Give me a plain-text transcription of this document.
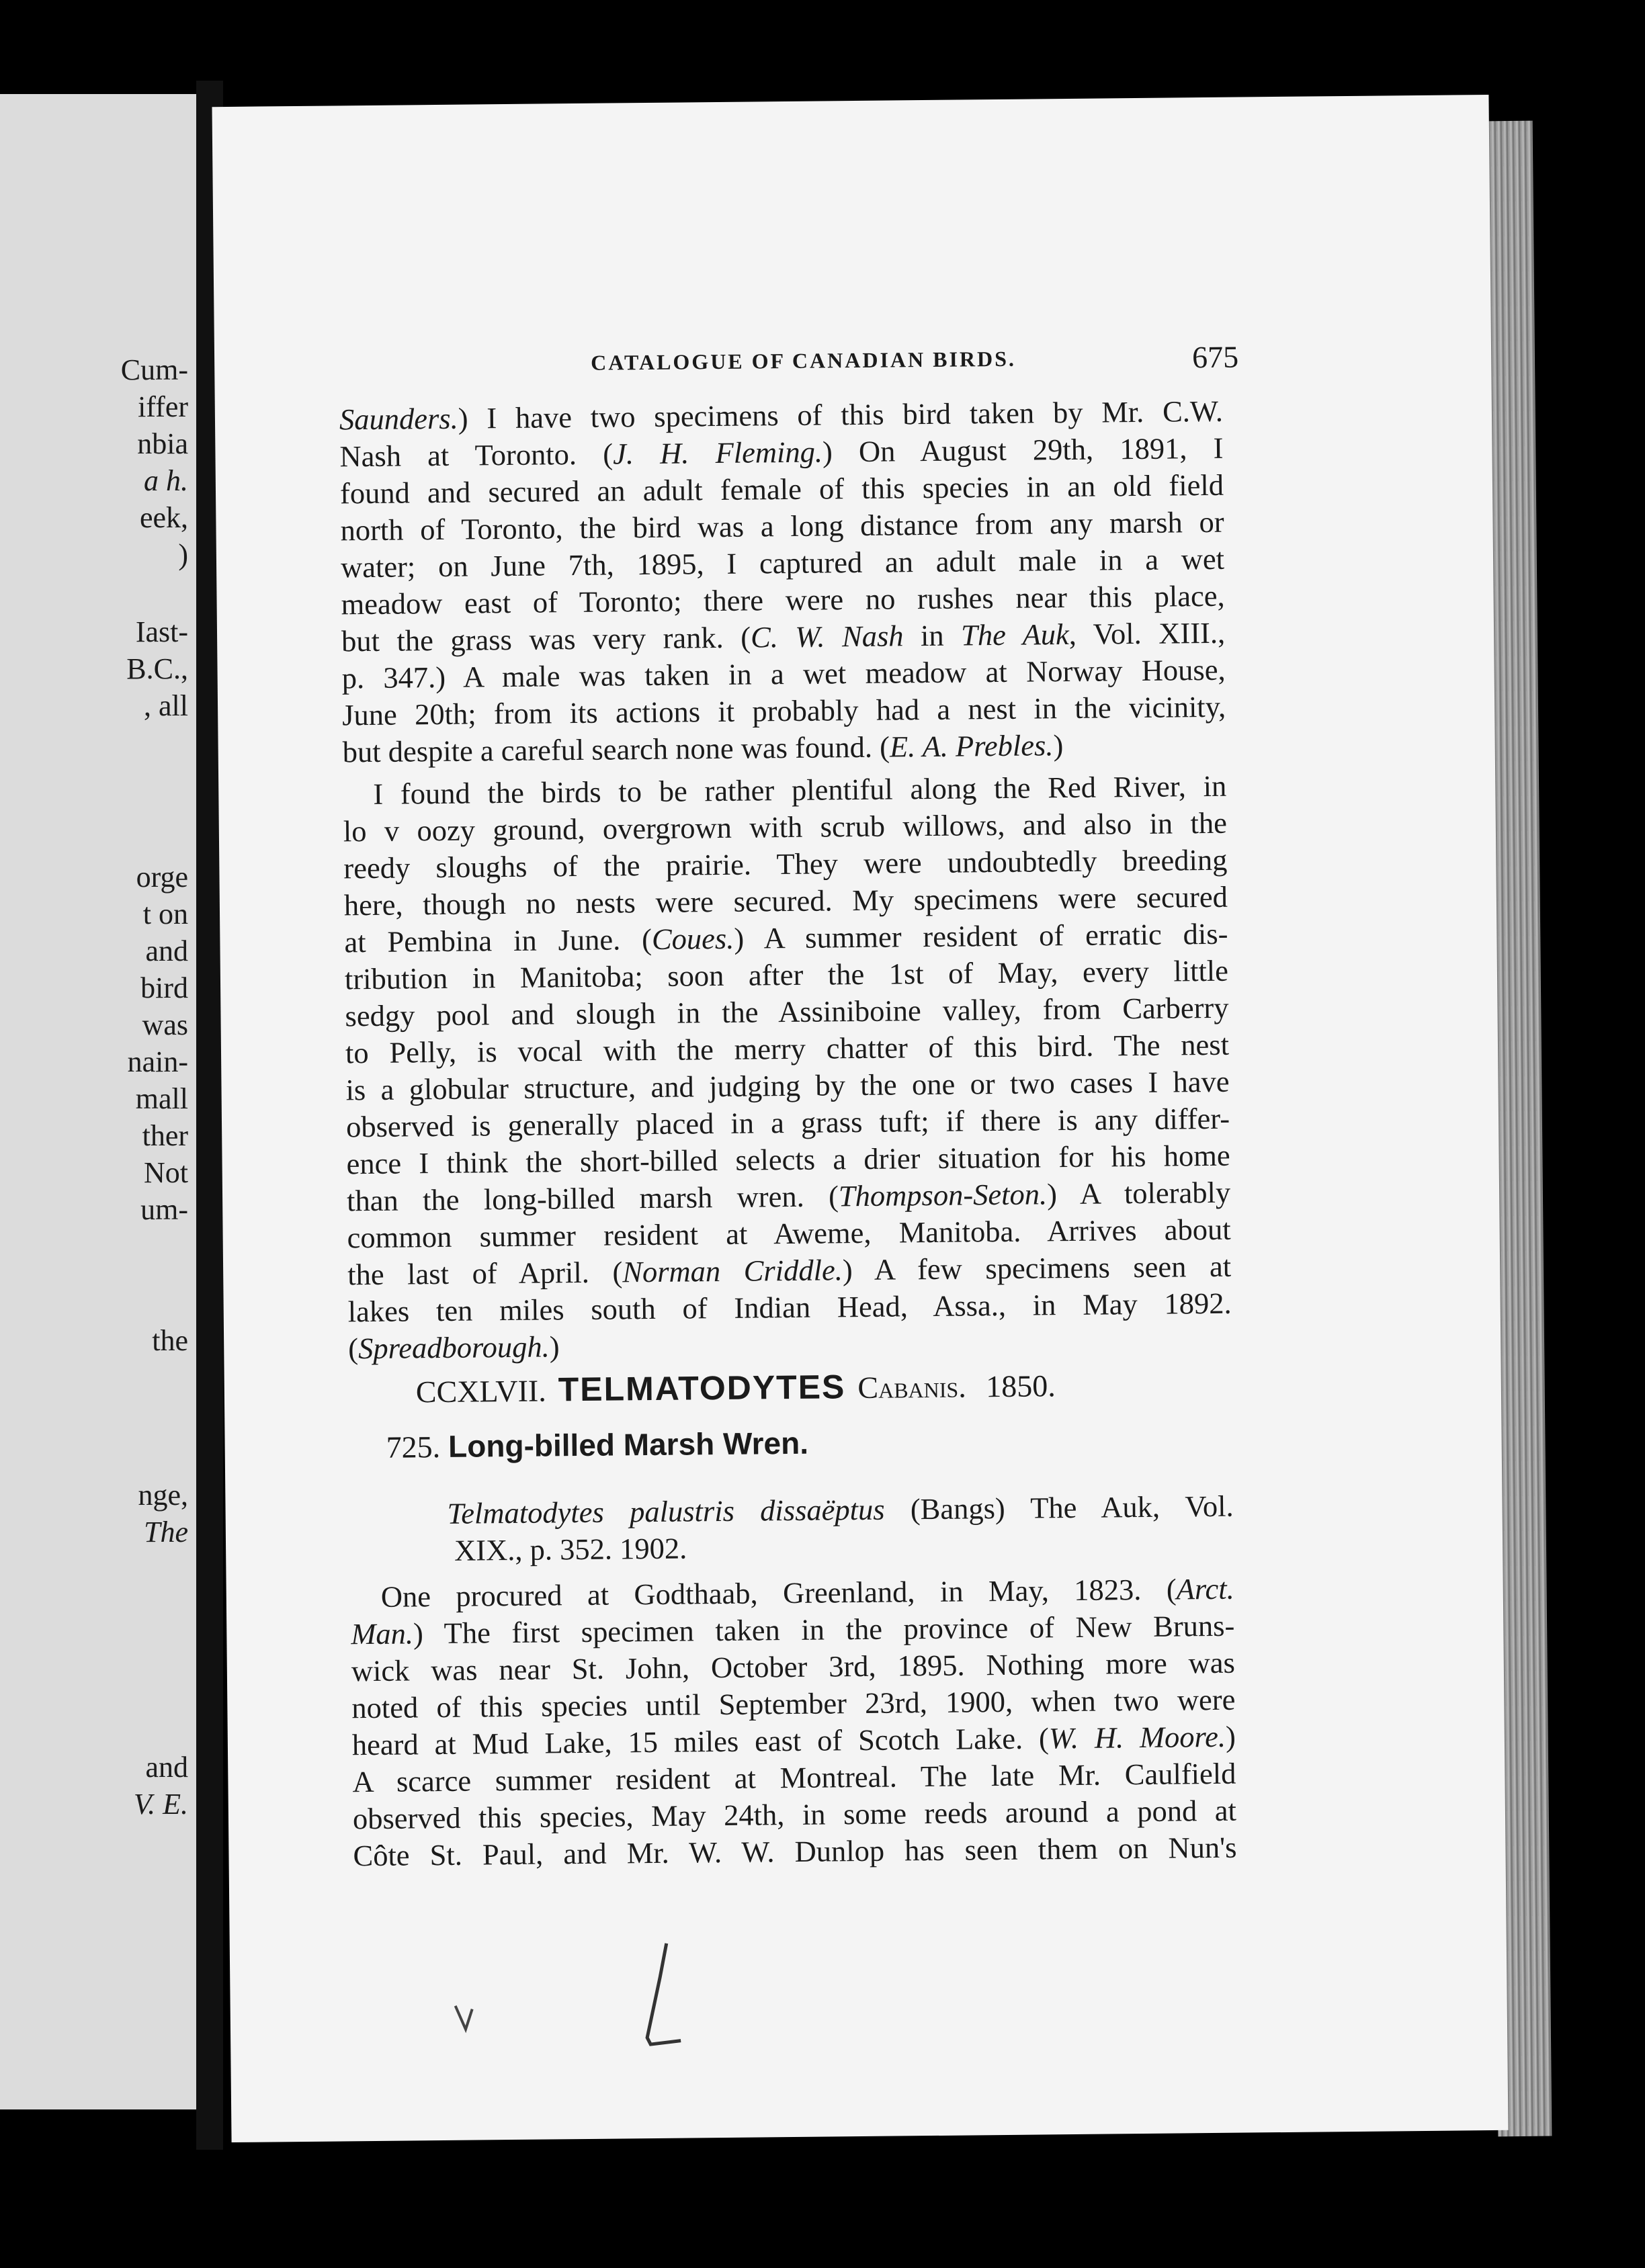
Cum-
iffer
nbia
a h.
eek,
)
Iast-
B.C.,
, all
orge
t on
and
bird
was
nain-
mall
ther
Not
um-
the
nge,
The
and
V. E.
CATALOGUE OF CANADIAN BIRDS.	675
Saunders.) I have two specimens of this bird taken by Mr. C.W.
Nash at Toronto. (J. H. Fleming.) On August 29th, 1891, I
found and secured an adult female of this species in an old field
north of Toronto, the bird was a long distance from any marsh or
water; on June 7th, 1895, I captured an adult male in a wet
meadow east of Toronto; there were no rushes near this place,
but the grass was very rank. (C. W. Nash in The Auk, Vol. XIII.,
p. 347.) A male was taken in a wet meadow at Norway House,
June 20th; from its actions it probably had a nest in the vicinity,
but despite a careful search none was found. (E. A. Prebles.)
I found the birds to be rather plentiful along the Red River, in
lo v oozy ground, overgrown with scrub willows, and also in the
reedy sloughs of the prairie. They were undoubtedly breeding
here, though no nests were secured. My specimens were secured
at Pembina in June. (Coues.) A summer resident of erratic dis-
tribution in Manitoba; soon after the 1st of May, every little
sedgy pool and slough in the Assiniboine valley, from Carberry
to Pelly, is vocal with the merry chatter of this bird. The nest
is a globular structure, and judging by the one or two cases I have
observed is generally placed in a grass tuft; if there is any differ-
ence I think the short-billed selects a drier situation for his home
than the long-billed marsh wren. (Thompson-Seton.) A tolerably
common summer resident at Aweme, Manitoba. Arrives about
the last of April. (Norman Criddle.) A few specimens seen at
lakes ten miles south of Indian Head, Assa., in May 1892.
(Spreadborough.)
CCXLVII. TELMATODYTES Cabanis. 1850.
725. Long-billed Marsh Wren.
Telmatodytes palustris dissaëptus (Bangs) The Auk, Vol.
XIX., p. 352. 1902.
One procured at Godthaab, Greenland, in May, 1823. (Arct.
Man.) The first specimen taken in the province of New Bruns-
wick was near St. John, October 3rd, 1895. Nothing more was
noted of this species until September 23rd, 1900, when two were
heard at Mud Lake, 15 miles east of Scotch Lake. (W. H. Moore.)
A scarce summer resident at Montreal. The late Mr. Caulfield
observed this species, May 24th, in some reeds around a pond at
Côte St. Paul, and Mr. W. W. Dunlop has seen them on Nun's
